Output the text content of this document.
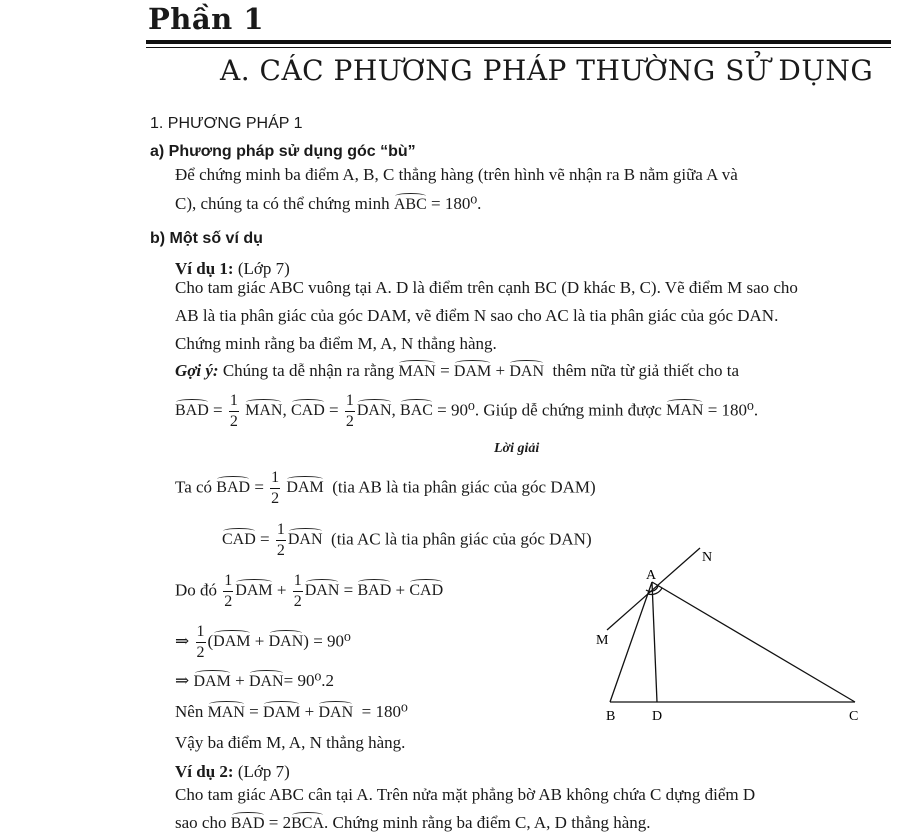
Phần 1
A. CÁC PHƯƠNG PHÁP THƯỜNG SỬ DỤNG
1. PHƯƠNG PHÁP 1
a) Phương pháp sử dụng góc “bù”
Để chứng minh ba điểm A, B, C thẳng hàng (trên hình vẽ nhận ra B nằm giữa A và
C), chúng ta có thể chứng minh ABC = 180⁰.
b) Một số ví dụ
Ví dụ 1: (Lớp 7)
Cho tam giác ABC vuông tại A. D là điểm trên cạnh BC (D khác B, C). Vẽ điểm M sao cho
AB là tia phân giác của góc DAM, vẽ điểm N sao cho AC là tia phân giác của góc DAN.
Chứng minh rằng ba điểm M, A, N thẳng hàng.
Gợi ý: Chúng ta dễ nhận ra rằng MAN = DAM + DAN thêm nữa từ giả thiết cho ta
BAD = $\frac{1}{2}$ MAN, CAD = $\frac{1}{2}$ DAN, BAC = 90⁰. Giúp dễ chứng minh được MAN = 180⁰.
Lời giải
Ta có BAD = $\frac{1}{2}$ DAM (tia AB là tia phân giác của góc DAM)
CAD = $\frac{1}{2}$ DAN (tia AC là tia phân giác của góc DAN)
Do đó $\frac{1}{2}$ DAM + $\frac{1}{2}$ DAN = BAD + CAD
⇒ $\frac{1}{2} (DAM + DAN) = 90^0$
⇒ DAM + DAN= 90⁰.2
Nên MAN = DAM + DAN = 180⁰
Vậy ba điểm M, A, N thẳng hàng.
Ví dụ 2: (Lớp 7)
Cho tam giác ABC cân tại A. Trên nửa mặt phẳng bờ AB không chứa C dựng điểm D
sao cho BAD = 2BCA. Chứng minh rằng ba điểm C, A, D thẳng hàng.
A
B	D	C
M
N
